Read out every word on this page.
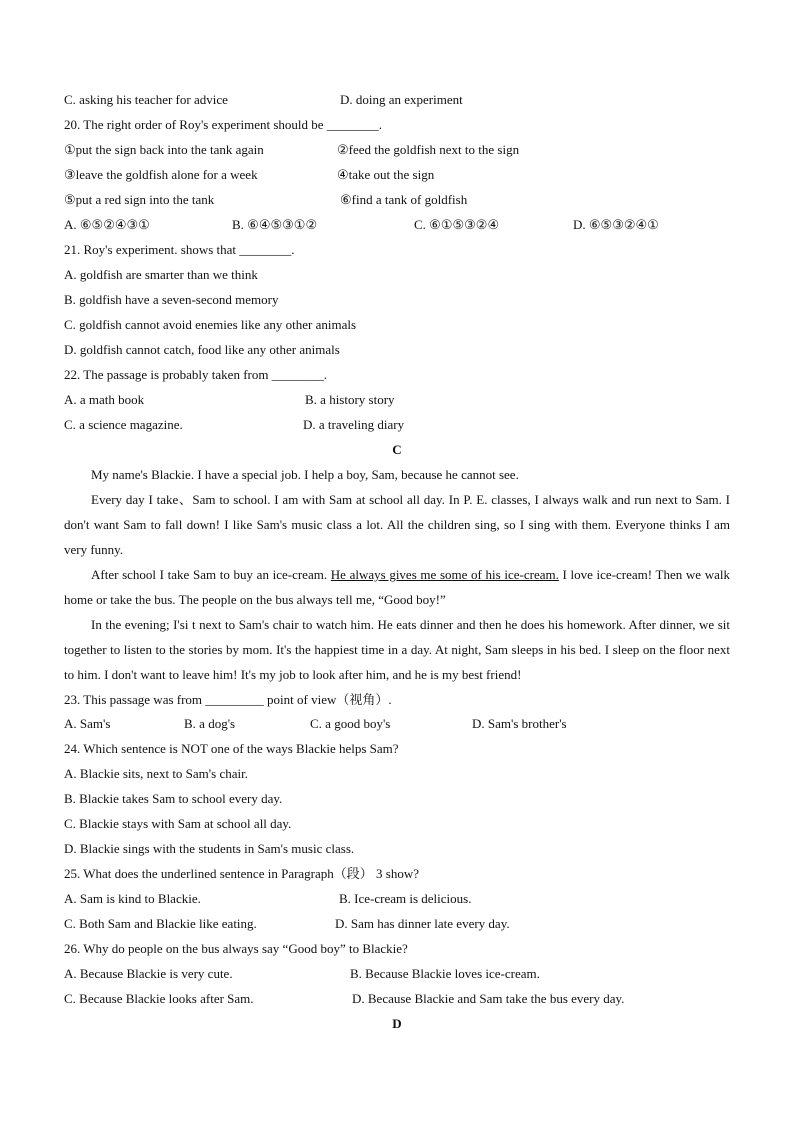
C. asking his teacher for advice	D. doing an experiment
20. The right order of Roy's experiment should be ________.
①put the sign back into the tank again	②feed the goldfish next to the sign
③leave the goldfish alone for a week	④take out the sign
⑤put a red sign into the tank	⑥find a tank of goldfish
A. ⑥⑤②④③①	B. ⑥④⑤③①②	C. ⑥①⑤③②④	D. ⑥⑤③②④①
21. Roy's experiment. shows that ________.
A. goldfish are smarter than we think
B. goldfish have a seven-second memory
C. goldfish cannot avoid enemies like any other animals
D. goldfish cannot catch, food like any other animals
22. The passage is probably taken from ________.
A. a math book	B. a history story
C. a science magazine.	D. a traveling diary
C
My name's Blackie. I have a special job. I help a boy, Sam, because he cannot see.
Every day I take、Sam to school. I am with Sam at school all day. In P. E. classes, I always walk and run next to Sam. I don't want Sam to fall down! I like Sam's music class a lot. All the children sing, so I sing with them. Everyone thinks I am very funny.
After school I take Sam to buy an ice-cream. He always gives me some of his ice-cream. I love ice-cream! Then we walk home or take the bus. The people on the bus always tell me, “Good boy!”
In the evening; I'si t next to Sam's chair to watch him. He eats dinner and then he does his homework. After dinner, we sit together to listen to the stories by mom. It's the happiest time in a day. At night, Sam sleeps in his bed. I sleep on the floor next to him. I don't want to leave him! It's my job to look after him, and he is my best friend!
23. This passage was from _________ point of view（视角）.
A. Sam's	B. a dog's	C. a good boy's	D. Sam's brother's
24. Which sentence is NOT one of the ways Blackie helps Sam?
A. Blackie sits, next to Sam's chair.
B. Blackie takes Sam to school every day.
C. Blackie stays with Sam at school all day.
D. Blackie sings with the students in Sam's music class.
25. What does the underlined sentence in Paragraph（段） 3 show?
A. Sam is kind to Blackie.	B. Ice-cream is delicious.
C. Both Sam and Blackie like eating.	D. Sam has dinner late every day.
26. Why do people on the bus always say “Good boy” to Blackie?
A. Because Blackie is very cute.	B. Because Blackie loves ice-cream.
C. Because Blackie looks after Sam.	D. Because Blackie and Sam take the bus every day.
D
